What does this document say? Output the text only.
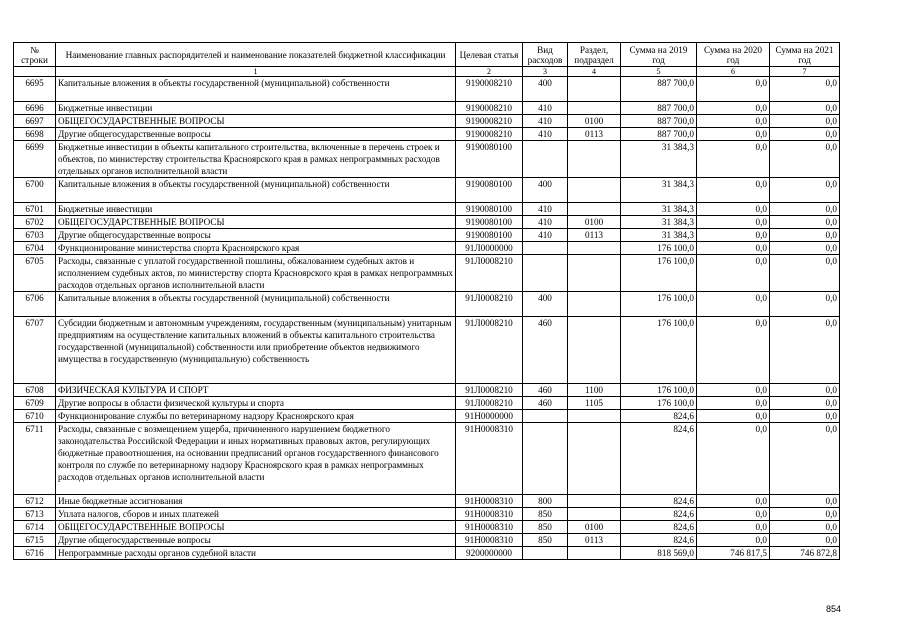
№ строки	Наименование главных распорядителей и наименование показателей бюджетной классификации	Целевая статья	Вид расходов	Раздел, подраздел	Сумма на 2019 год	Сумма на 2020 год	Сумма на 2021 год
	1	2	3	4	5	6	7
6695	Капитальные вложения в объекты государственной (муниципальной) собственности	9190008210	400		887 700,0	0,0	0,0
6696	Бюджетные инвестиции	9190008210	410		887 700,0	0,0	0,0
6697	ОБЩЕГОСУДАРСТВЕННЫЕ ВОПРОСЫ	9190008210	410	0100	887 700,0	0,0	0,0
6698	Другие общегосударственные вопросы	9190008210	410	0113	887 700,0	0,0	0,0
6699	Бюджетные инвестиции в объекты капитального строительства, включенные в перечень строек и объектов, по министерству строительства Красноярского края в рамках непрограммных расходов отдельных органов исполнительной власти	9190080100			31 384,3	0,0	0,0
6700	Капитальные вложения в объекты государственной (муниципальной) собственности	9190080100	400		31 384,3	0,0	0,0
6701	Бюджетные инвестиции	9190080100	410		31 384,3	0,0	0,0
6702	ОБЩЕГОСУДАРСТВЕННЫЕ ВОПРОСЫ	9190080100	410	0100	31 384,3	0,0	0,0
6703	Другие общегосударственные вопросы	9190080100	410	0113	31 384,3	0,0	0,0
6704	Функционирование министерства спорта Красноярского края	91Л0000000			176 100,0	0,0	0,0
6705	Расходы, связанные с уплатой государственной пошлины, обжалованием судебных актов и исполнением судебных актов, по министерству спорта Красноярского края в рамках непрограммных расходов отдельных органов исполнительной власти	91Л0008210			176 100,0	0,0	0,0
6706	Капитальные вложения в объекты государственной (муниципальной) собственности	91Л0008210	400		176 100,0	0,0	0,0
6707	Субсидии бюджетным и автономным учреждениям, государственным (муниципальным) унитарным предприятиям на осуществление капитальных вложений в объекты капитального строительства государственной (муниципальной) собственности или приобретение объектов недвижимого имущества в государственную (муниципальную) собственность	91Л0008210	460		176 100,0	0,0	0,0
6708	ФИЗИЧЕСКАЯ КУЛЬТУРА И СПОРТ	91Л0008210	460	1100	176 100,0	0,0	0,0
6709	Другие вопросы в области физической культуры и спорта	91Л0008210	460	1105	176 100,0	0,0	0,0
6710	Функционирование службы по ветеринарному надзору Красноярского края	91Н0000000			824,6	0,0	0,0
6711	Расходы, связанные с возмещением ущерба, причиненного нарушением бюджетного законодательства Российской Федерации и иных нормативных правовых актов, регулирующих бюджетные правоотношения, на основании предписаний органов государственного финансового контроля по службе по ветеринарному надзору Красноярского края в рамках непрограммных расходов отдельных органов исполнительной власти	91Н0008310			824,6	0,0	0,0
6712	Иные бюджетные ассигнования	91Н0008310	800		824,6	0,0	0,0
6713	Уплата налогов, сборов и иных платежей	91Н0008310	850		824,6	0,0	0,0
6714	ОБЩЕГОСУДАРСТВЕННЫЕ ВОПРОСЫ	91Н0008310	850	0100	824,6	0,0	0,0
6715	Другие общегосударственные вопросы	91Н0008310	850	0113	824,6	0,0	0,0
6716	Непрограммные расходы органов судебной власти	9200000000			818 569,0	746 817,5	746 872,8
854
